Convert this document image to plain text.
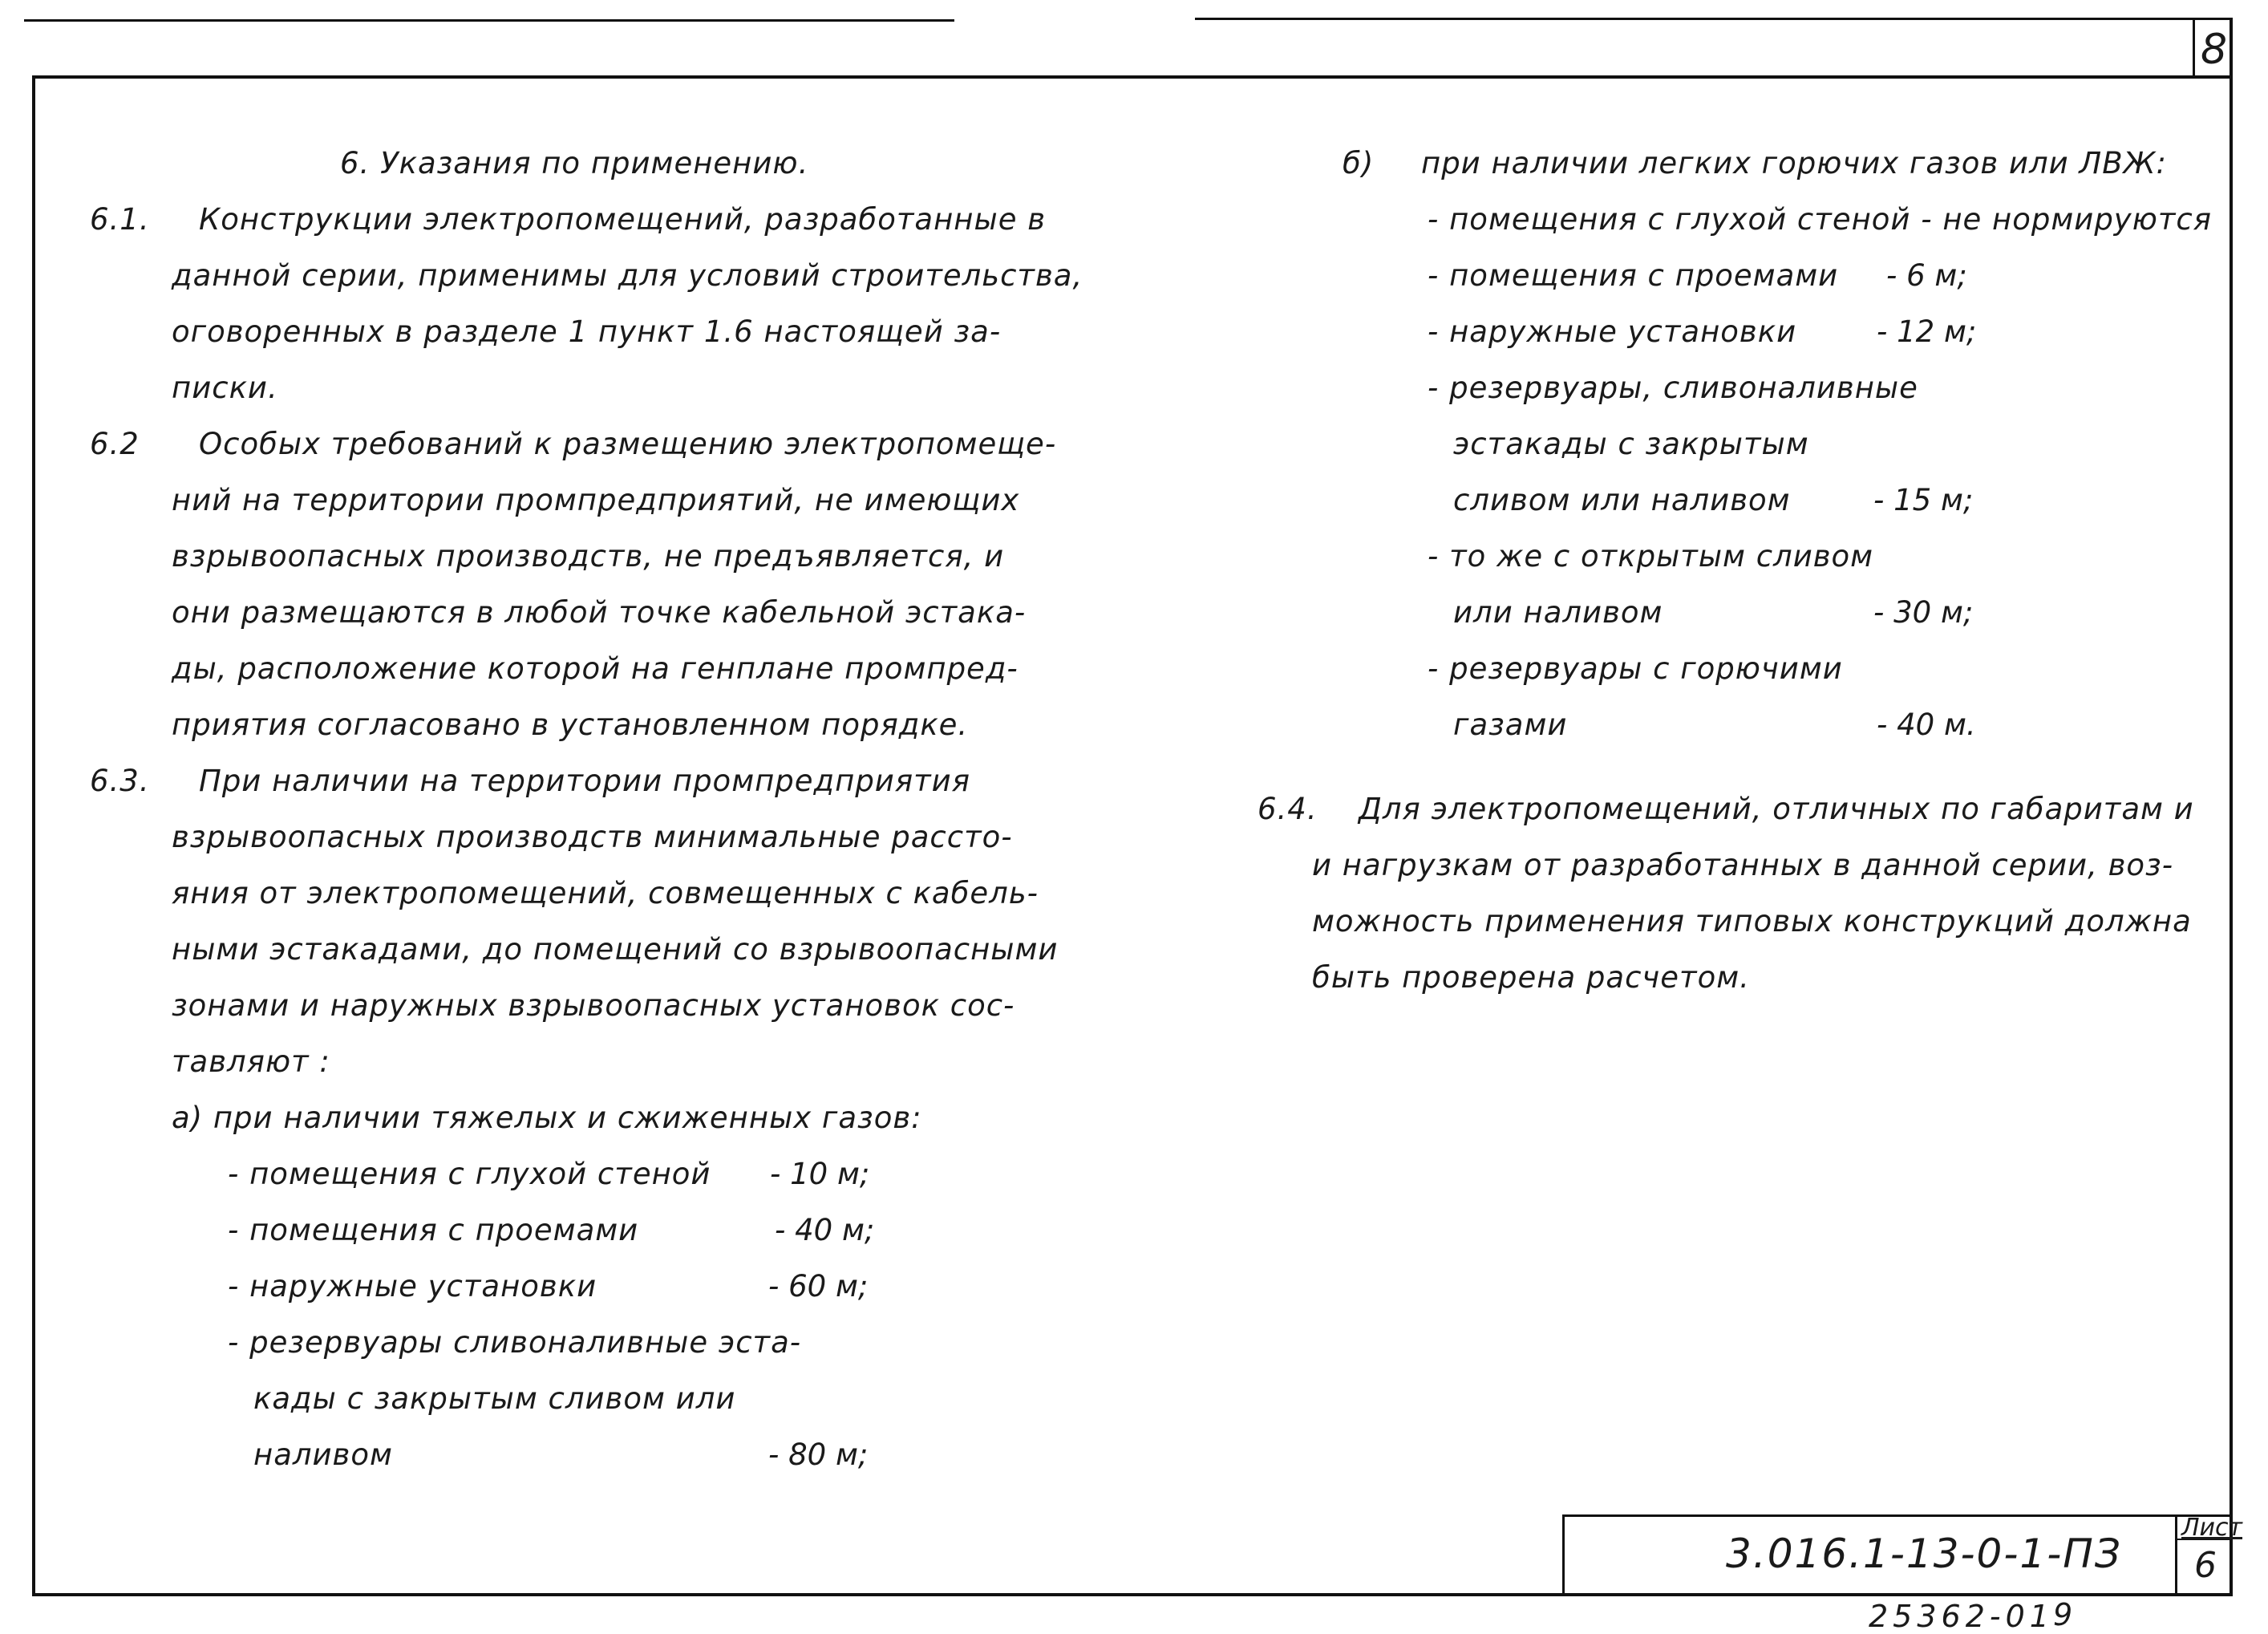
8
6. Указания по применению.
6.1. Конструкции электропомещений, разработанные в
данной серии, применимы для условий строительства,
оговоренных в разделе 1 пункт 1.6 настоящей за-
писки.
6.2 Особых требований к размещению электропомеще-
ний на территории промпредприятий, не имеющих
взрывоопасных производств, не предъявляется, и
они размещаются в любой точке кабельной эстака-
ды, расположение которой на генплане промпред-
приятия согласовано в установленном порядке.
6.3. При наличии на территории промпредприятия
взрывоопасных производств минимальные рассто-
яния от электропомещений, совмещенных с кабель-
ными эстакадами, до помещений со взрывоопасными
зонами и наружных взрывоопасных установок сос-
тавляют :
а) при наличии тяжелых и сжиженных газов:
- помещения с глухой стеной - 10 м;
- помещения с проемами	- 40 м;
- наружные установки	- 60 м;
- резервуары сливоналивные эста-
кады с закрытым сливом или
наливом	- 80 м;
б) при наличии легких горючих газов или ЛВЖ:
- помещения с глухой стеной - не нормируются
- помещения с проемами - 6 м;
- наружные установки	- 12 м;
- резервуары, сливоналивные
эстакады с закрытым
сливом или наливом	- 15 м;
- то же с открытым сливом
или наливом	- 30 м;
- резервуары с горючими
газами	- 40 м.
6.4. Для электропомещений, отличных по габаритам и
и нагрузкам от разработанных в данной серии, воз-
можность применения типовых конструкций должна
быть проверена расчетом.
3.016.1-13-0-1-ПЗ
Лист
6
25362-01 9
